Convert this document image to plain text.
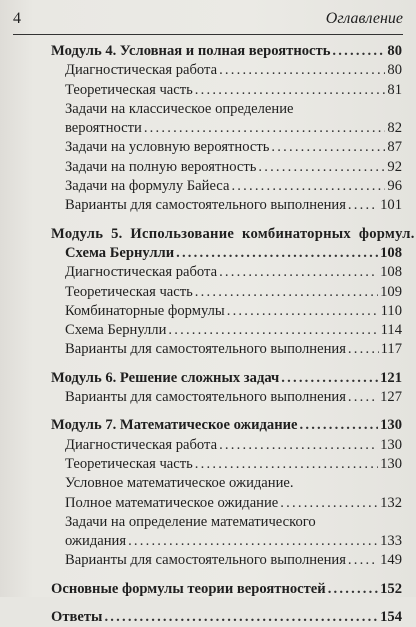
4	Оглавление
Модуль 4. Условная и полная вероятность .....	80
Диагностическая работа .....	80
Теоретическая часть .....	81
Задачи на классическое определение
вероятности .....	82
Задачи на условную вероятность .....	87
Задачи на полную вероятность .....	92
Задачи на формулу Байеса .....	96
Варианты для самостоятельного выполнения ..... 101
Модуль 5. Использование комбинаторных формул.
Схема Бернулли .....	108
Диагностическая работа .....	108
Теоретическая часть .....	109
Комбинаторные формулы .....	110
Схема Бернулли .....	114
Варианты для самостоятельного выполнения ..... 117
Модуль 6. Решение сложных задач .....	121
Варианты для самостоятельного выполнения ..... 127
Модуль 7. Математическое ожидание .....	130
Диагностическая работа .....	130
Теоретическая часть .....	130
Условное математическое ожидание.
Полное математическое ожидание .....	132
Задачи на определение математического
ожидания .....	133
Варианты для самостоятельного выполнения ..... 149
Основные формулы теории вероятностей .....	152
Ответы .....	154
